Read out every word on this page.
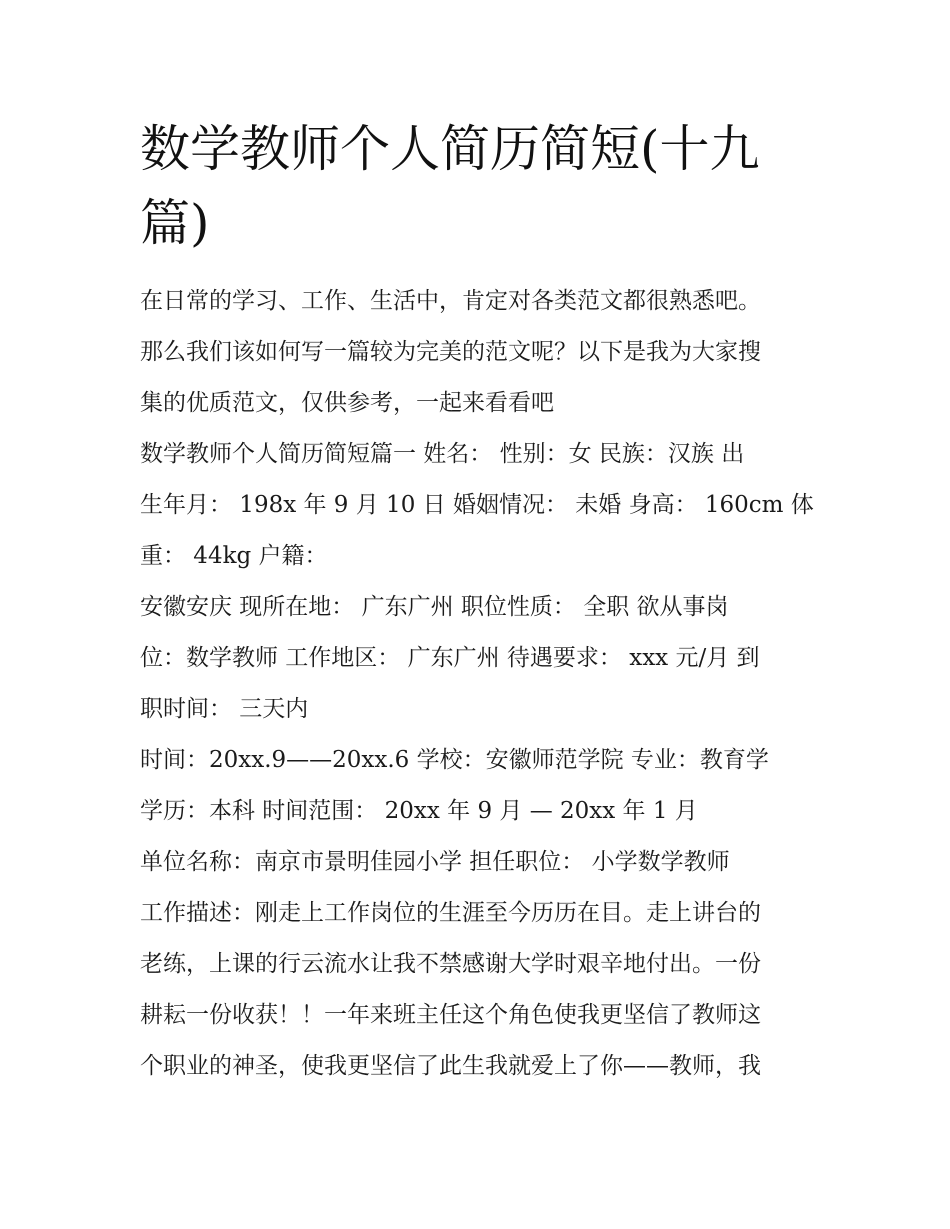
数学教师个人简历简短(十九
篇)
在日常的学习、工作、生活中，肯定对各类范文都很熟悉吧。
那么我们该如何写一篇较为完美的范文呢？以下是我为大家搜
集的优质范文，仅供参考，一起来看看吧
数学教师个人简历简短篇一 姓名： 性别：女 民族：汉族 出
生年月： 198x 年 9 月 10 日 婚姻情况： 未婚 身高： 160cm 体
重： 44kg 户籍：
安徽安庆 现所在地： 广东广州 职位性质： 全职 欲从事岗
位：数学教师 工作地区： 广东广州 待遇要求： xxx 元/月 到
职时间： 三天内
时间：20xx.9——20xx.6 学校：安徽师范学院 专业：教育学
学历：本科 时间范围： 20xx 年 9 月 — 20xx 年 1 月
单位名称：南京市景明佳园小学 担任职位： 小学数学教师
工作描述：刚走上工作岗位的生涯至今历历在目。走上讲台的
老练，上课的行云流水让我不禁感谢大学时艰辛地付出。一份
耕耘一份收获！！一年来班主任这个角色使我更坚信了教师这
个职业的神圣，使我更坚信了此生我就爱上了你——教师，我
